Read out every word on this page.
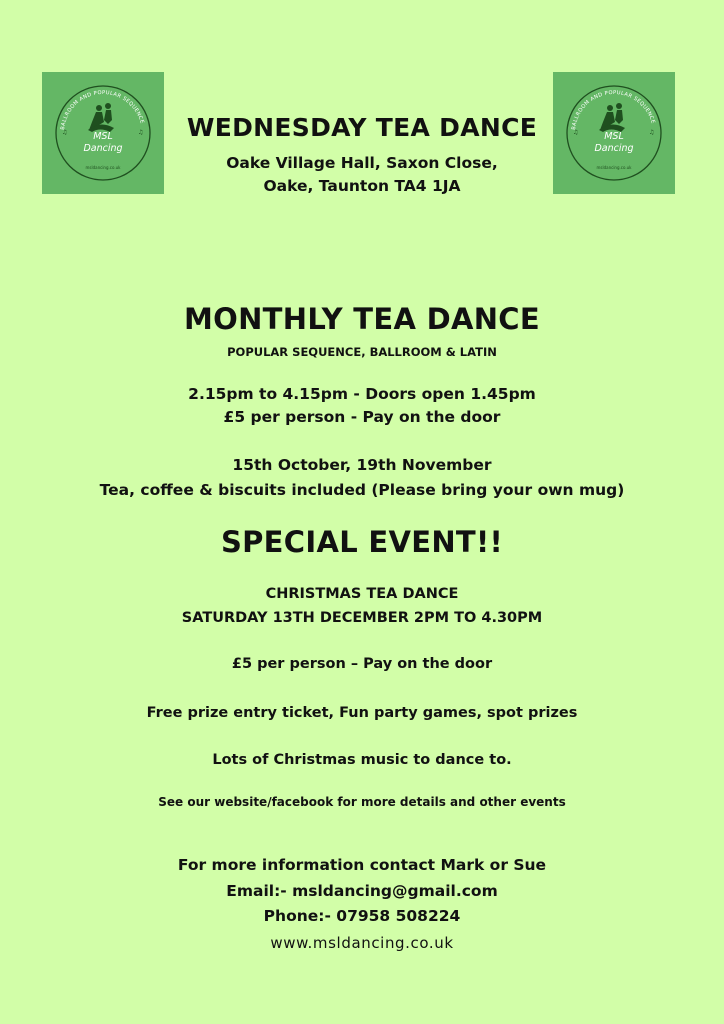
BALLROOM AND POPULAR SEQUENCE
MSL
Dancing
msldancing.co.uk
♫	♫
BALLROOM AND POPULAR SEQUENCE
MSL
Dancing
msldancing.co.uk
♫	♫
WEDNESDAY TEA DANCE
Oake Village Hall, Saxon Close,
Oake, Taunton TA4 1JA
MONTHLY TEA DANCE
POPULAR SEQUENCE, BALLROOM & LATIN
2.15pm to 4.15pm - Doors open 1.45pm
£5 per person - Pay on the door
15th October, 19th November
Tea, coffee & biscuits included (Please bring your own mug)
SPECIAL EVENT!!
CHRISTMAS TEA DANCE
SATURDAY 13TH DECEMBER 2PM TO 4.30PM
£5 per person – Pay on the door
Free prize entry ticket, Fun party games, spot prizes
Lots of Christmas music to dance to.
See our website/facebook for more details and other events
For more information contact Mark or Sue
Email:- msldancing@gmail.com
Phone:- 07958 508224
www.msldancing.co.uk
